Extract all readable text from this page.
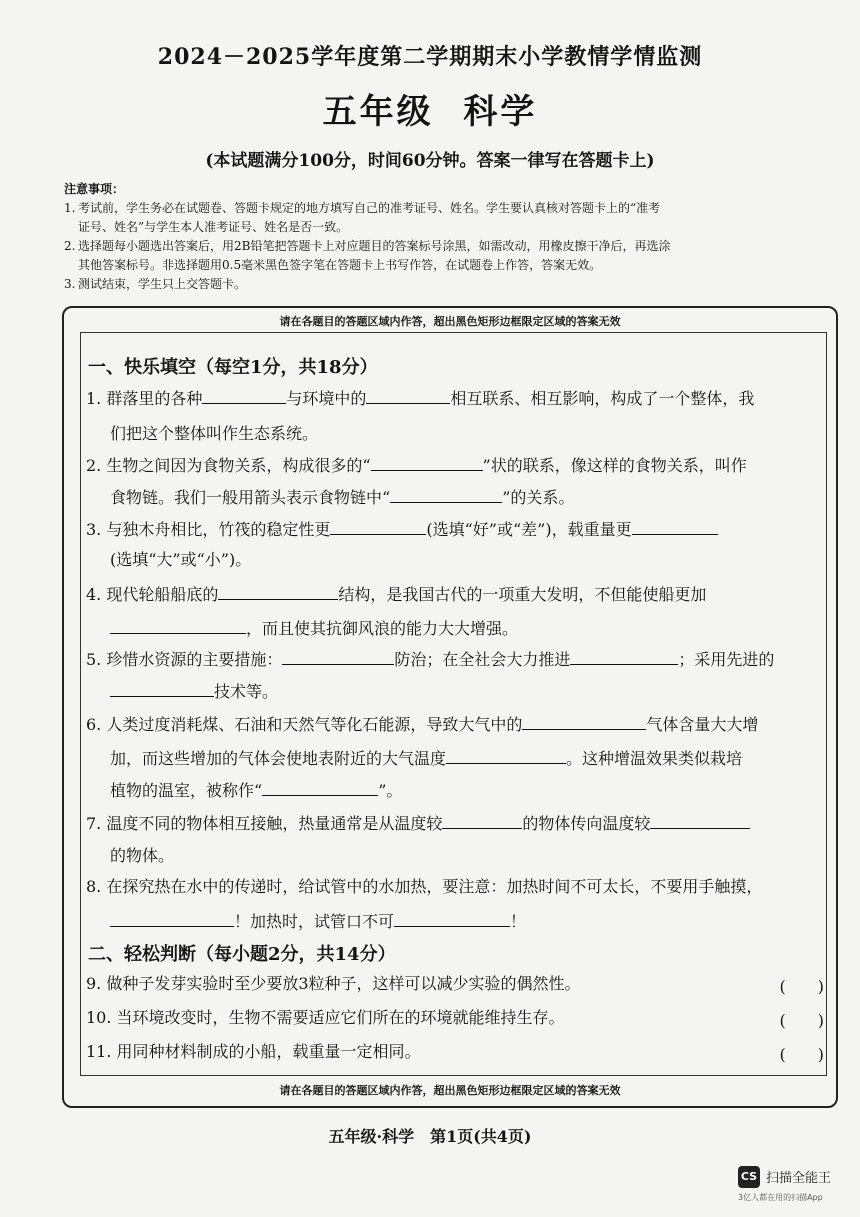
2024－2025学年度第二学期期末小学教情学情监测
五年级  科学
(本试题满分100分，时间60分钟。答案一律写在答题卡上)
注意事项：
1. 考试前，学生务必在试题卷、答题卡规定的地方填写自己的准考证号、姓名。学生要认真核对答题卡上的“准考
证号、姓名”与学生本人准考证号、姓名是否一致。
2. 选择题每小题选出答案后，用2B铅笔把答题卡上对应题目的答案标号涂黑，如需改动，用橡皮擦干净后，再选涂
其他答案标号。非选择题用0.5毫米黑色签字笔在答题卡上书写作答，在试题卷上作答，答案无效。
3. 测试结束，学生只上交答题卡。
请在各题目的答题区域内作答，超出黑色矩形边框限定区域的答案无效
一、快乐填空（每空1分，共18分）
1. 群落里的各种	与环境中的	相互联系、相互影响，构成了一个整体，我
们把这个整体叫作生态系统。
2. 生物之间因为食物关系，构成很多的“	”状的联系，像这样的食物关系，叫作
食物链。我们一般用箭头表示食物链中“	”的关系。
3. 与独木舟相比，竹筏的稳定性更	(选填“好”或“差”)，载重量更
(选填“大”或“小”)。
4. 现代轮船船底的	结构，是我国古代的一项重大发明，不但能使船更加
，而且使其抗御风浪的能力大大增强。
5. 珍惜水资源的主要措施：	防治；在全社会大力推进	；采用先进的
技术等。
6. 人类过度消耗煤、石油和天然气等化石能源，导致大气中的	气体含量大大增
加，而这些增加的气体会使地表附近的大气温度	。这种增温效果类似栽培
植物的温室，被称作“	”。
7. 温度不同的物体相互接触，热量通常是从温度较	的物体传向温度较
的物体。
8. 在探究热在水中的传递时，给试管中的水加热，要注意：加热时间不可太长，不要用手触摸，
！加热时，试管口不可	！
二、轻松判断（每小题2分，共14分）
9. 做种子发芽实验时至少要放3粒种子，这样可以减少实验的偶然性。	(　　)
10. 当环境改变时，生物不需要适应它们所在的环境就能维持生存。	(　　)
11. 用同种材料制成的小船，载重量一定相同。	(　　)
请在各题目的答题区域内作答，超出黑色矩形边框限定区域的答案无效
五年级·科学　第1页(共4页)
CS 扫描全能王
3亿人都在用的扫描App
